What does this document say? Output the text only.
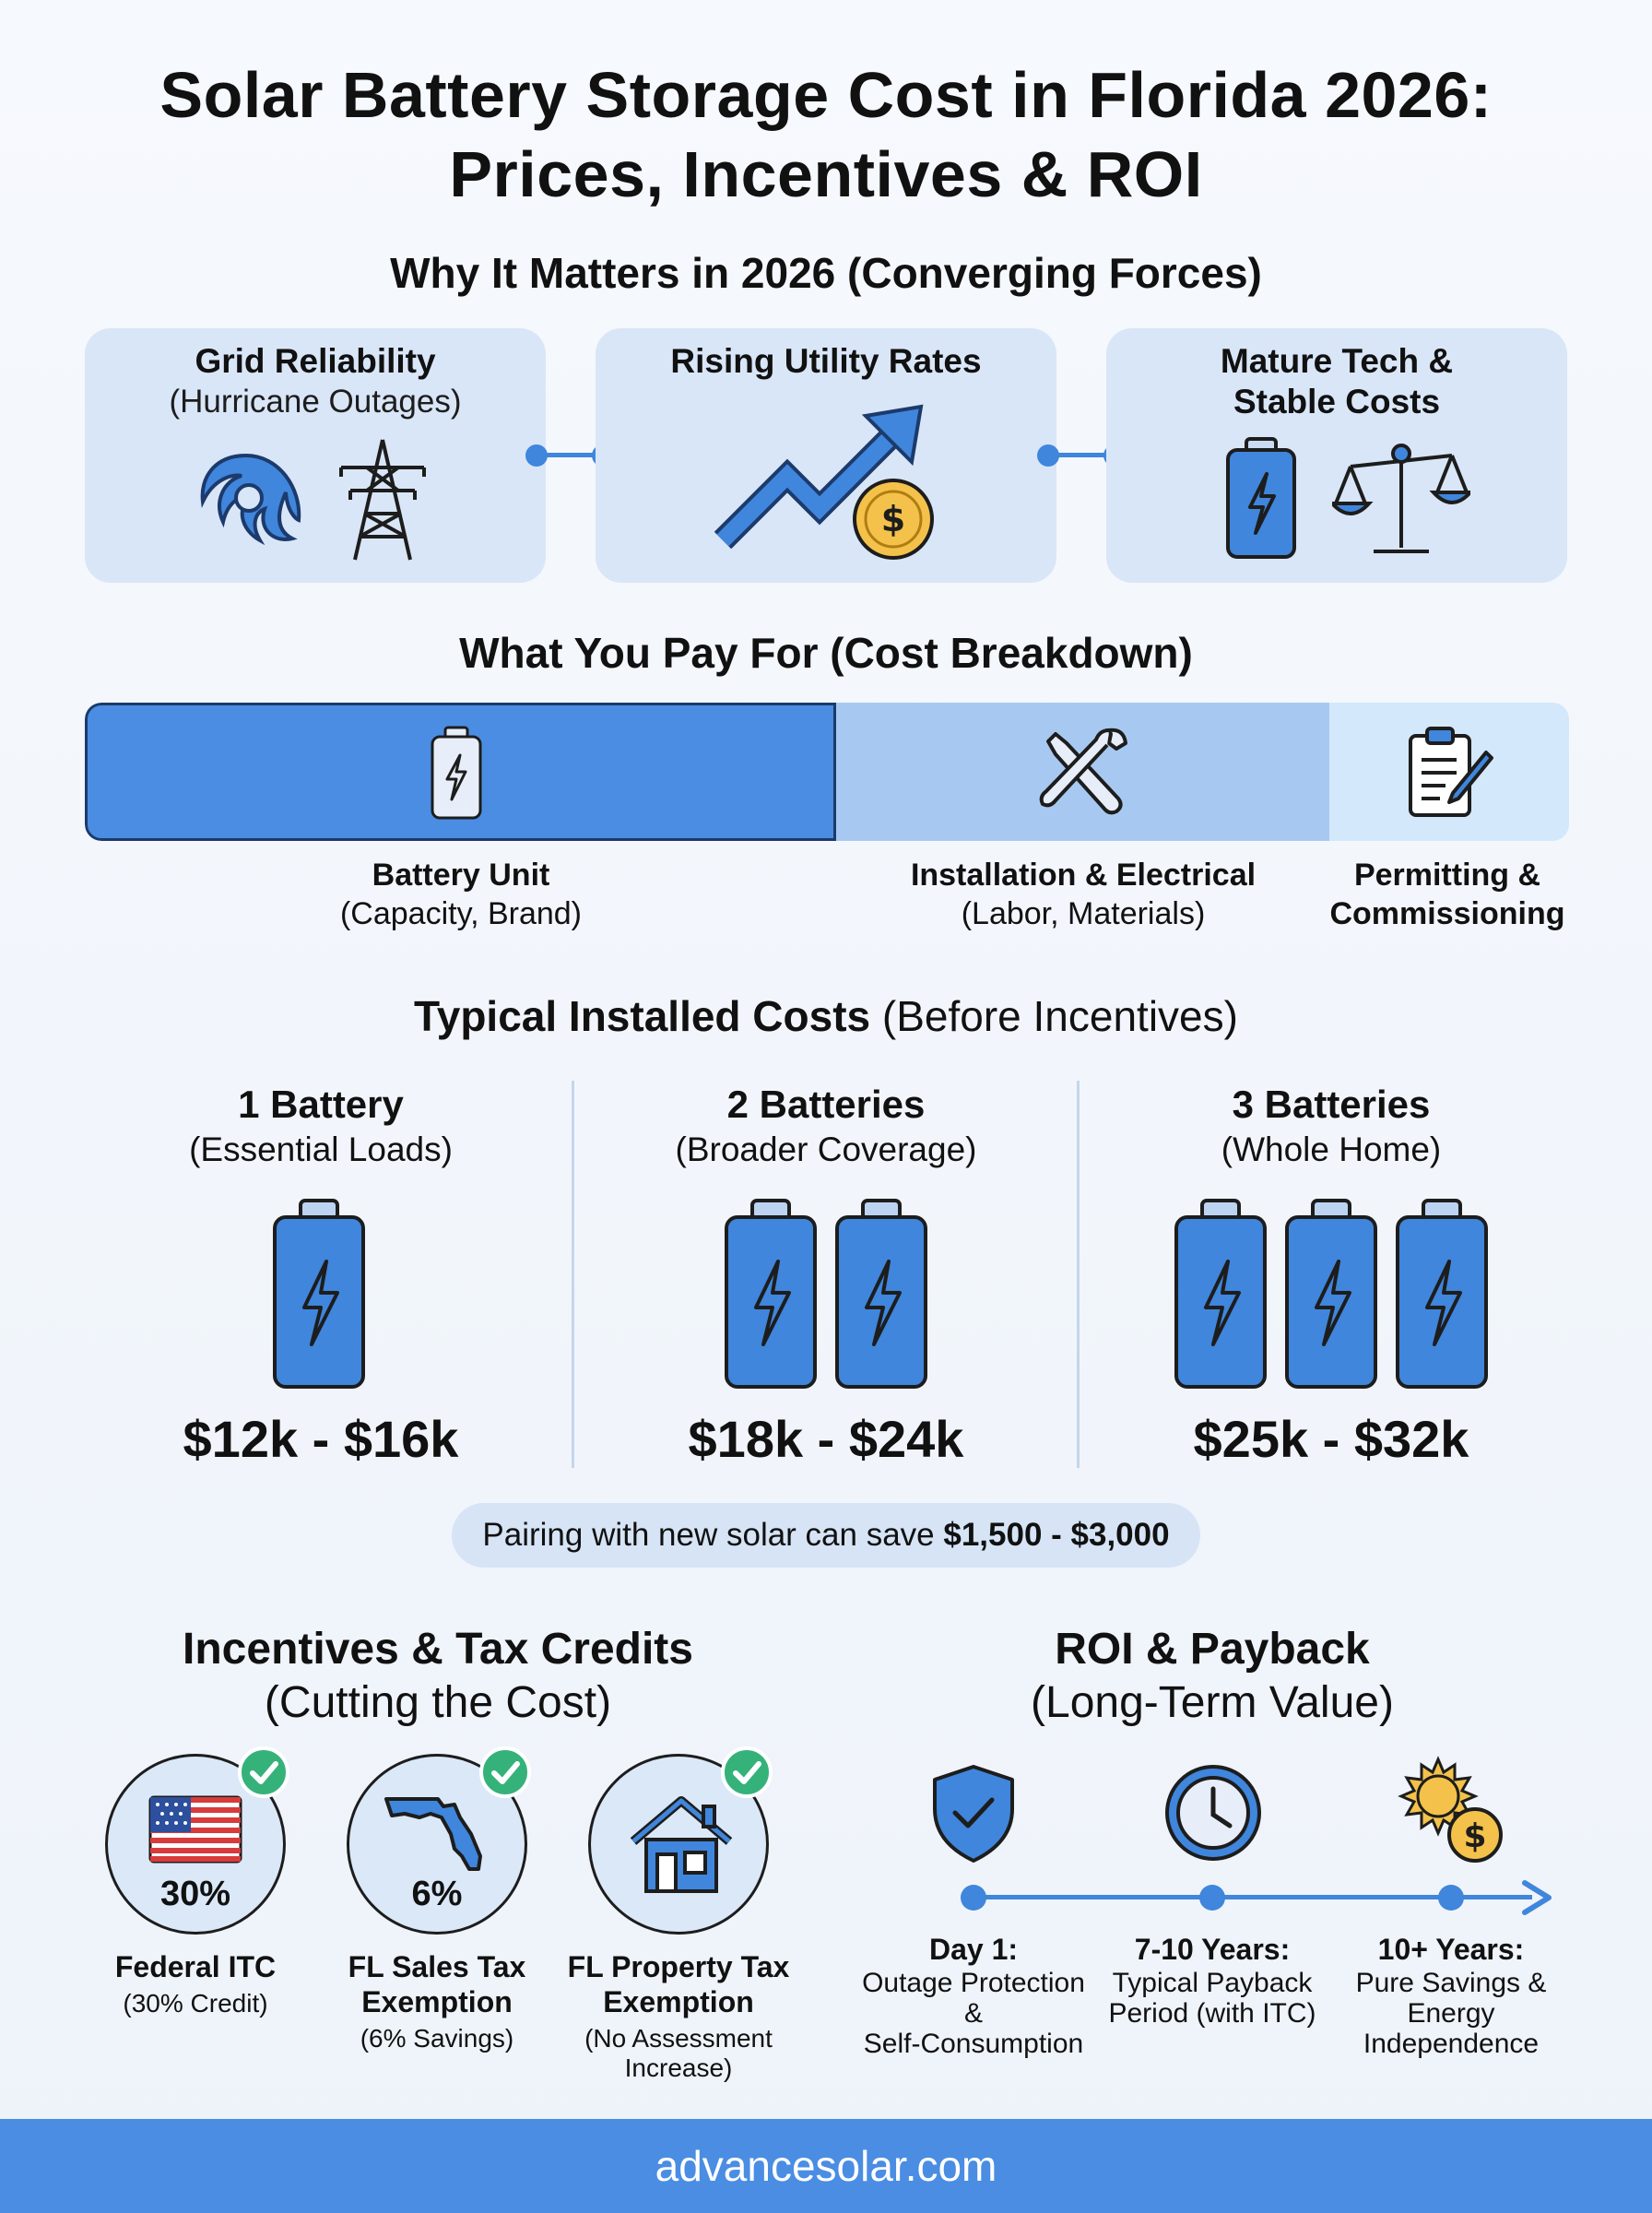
Solar Battery Storage Cost in Florida 2026:
Prices, Incentives & ROI
Why It Matters in 2026 (Converging Forces)
Grid Reliability
(Hurricane Outages)
Rising Utility Rates
$
Mature Tech &
Stable Costs
What You Pay For (Cost Breakdown)
Battery Unit
(Capacity, Brand)
Installation & Electrical
(Labor, Materials)
Permitting &
Commissioning
Typical Installed Costs (Before Incentives)
1 Battery
(Essential Loads)
2 Batteries
(Broader Coverage)
3 Batteries
(Whole Home)
$12k - $16k	$18k - $24k	$25k - $32k
Pairing with new solar can save $1,500 - $3,000
Incentives & Tax Credits
(Cutting the Cost)
30%
Federal ITC
(30% Credit)
6%
FL Sales Tax
Exemption
(6% Savings)
FL Property Tax
Exemption
(No Assessment
Increase)
ROI & Payback
(Long-Term Value)
$
Day 1:
Outage Protection
&
Self-Consumption
7-10 Years:
Typical Payback
Period (with ITC)
10+ Years:
Pure Savings &
Energy
Independence
advancesolar.com
